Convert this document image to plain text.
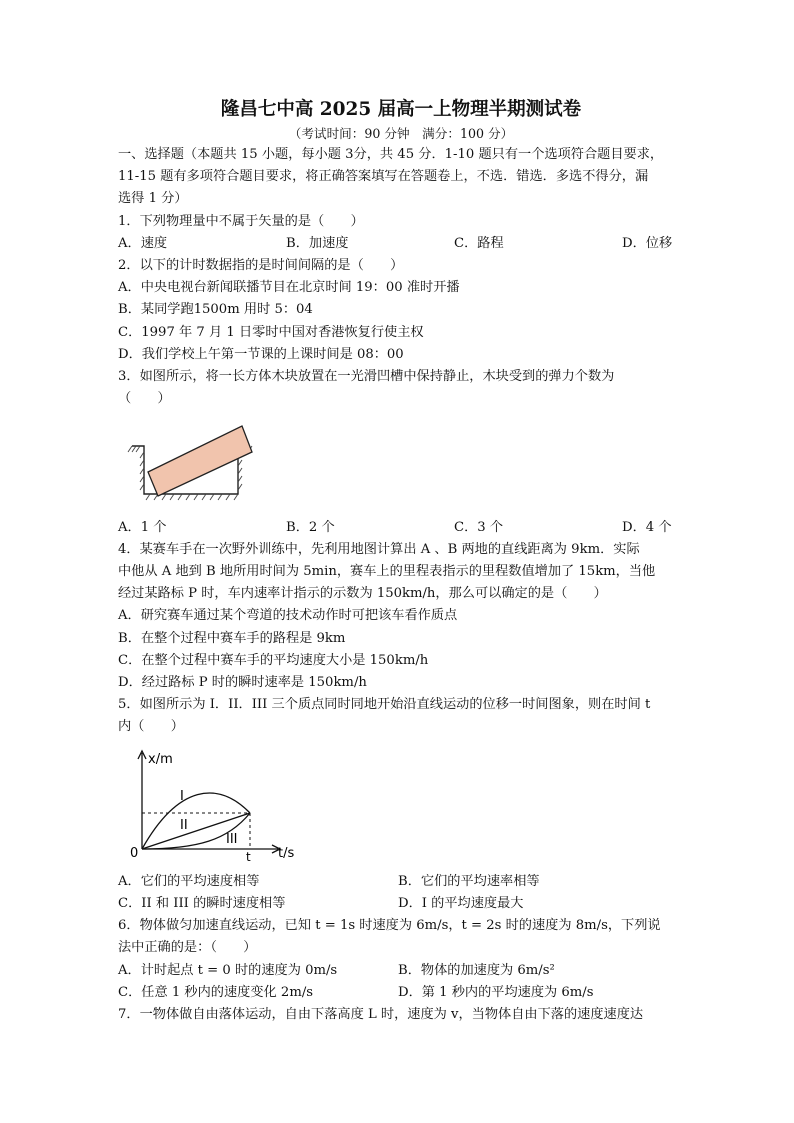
隆昌七中高 2025 届高一上物理半期测试卷
（考试时间：90 分钟　满分：100 分）

一、选择题（本题共 15 小题，每小题 3分，共 45 分．1-10 题只有一个选项符合题目要求，

11-15 题有多项符合题目要求，将正确答案填写在答题卷上，不选．错选．多选不得分，漏

选得 1 分）

1．下列物理量中不属于矢量的是（　　）

A．速度	B．加速度	C．路程	D．位移

2．以下的计时数据指的是时间间隔的是（　　）

A．中央电视台新闻联播节目在北京时间 19：00 准时开播

B．某同学跑1500m 用时 5：04

C．1997 年 7 月 1 日零时中国对香港恢复行使主权

D．我们学校上午第一节课的上课时间是 08：00

3．如图所示，将一长方体木块放置在一光滑凹槽中保持静止，木块受到的弹力个数为

（　　）

A．1 个	B．2 个	C．3 个	D．4 个

4．某赛车手在一次野外训练中，先利用地图计算出 A 、B 两地的直线距离为 9km．实际

中他从 A 地到 B 地所用时间为 5min，赛车上的里程表指示的里程数值增加了 15km，当他

经过某路标 P 时，车内速率计指示的示数为 150km/h，那么可以确定的是（　　）

A．研究赛车通过某个弯道的技术动作时可把该车看作质点

B．在整个过程中赛车手的路程是 9km

C．在整个过程中赛车手的平均速度大小是 150km/h

D．经过路标 P 时的瞬时速率是 150km/h

5．如图所示为 I．II．III 三个质点同时同地开始沿直线运动的位移一时间图象，则在时间 t

内（　　）

x/m
t/s
0	t
I
II
III
A．它们的平均速度相等	B．它们的平均速率相等
C．II 和 III 的瞬时速度相等	D．I 的平均速度最大

6．物体做匀加速直线运动，已知 t = 1s 时速度为 6m/s，t = 2s 时的速度为 8m/s，下列说

法中正确的是：（　　）

A．计时起点 t = 0 时的速度为 0m/s	B．物体的加速度为 6m/s²
C．任意 1 秒内的速度变化 2m/s	D．第 1 秒内的平均速度为 6m/s

7．一物体做自由落体运动，自由下落高度 L 时，速度为 v，当物体自由下落的速度速度达
